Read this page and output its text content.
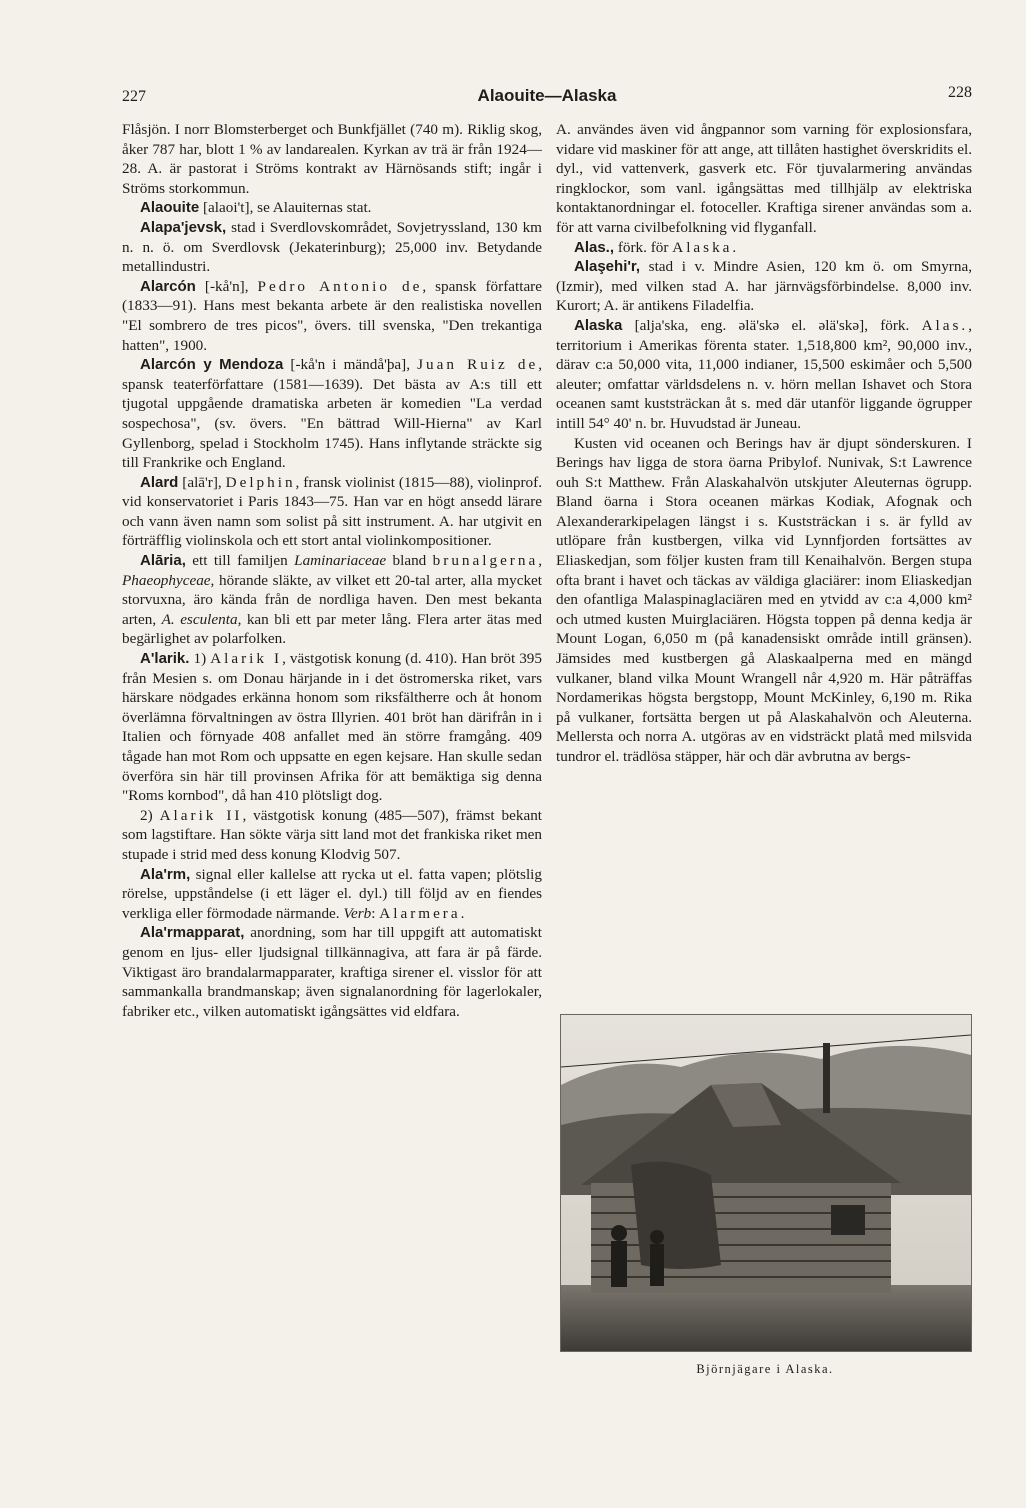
227	Alaouite—Alaska	228

Flåsjön. I norr Blomsterberget och Bunkfjället (740 m). Riklig skog, åker 787 har, blott 1 % av landarealen. Kyrkan av trä är från 1924—28. A. är pastorat i Ströms kontrakt av Härnösands stift; ingår i Ströms storkommun.

Alaouite [alaoi't], se Alauiternas stat.

Alapa'jevsk, stad i Sverdlovskområdet, Sovjetryssland, 130 km n. n. ö. om Sverdlovsk (Jekaterinburg); 25,000 inv. Betydande metallindustri.

Alarcón [-kå'n], Pedro Antonio de, spansk författare (1833—91). Hans mest bekanta arbete är den realistiska novellen "El sombrero de tres picos", övers. till svenska, "Den trekantiga hatten", 1900.

Alarcón y Mendoza [-kå'n i mändå'þa], Juan Ruiz de, spansk teaterförfattare (1581—1639). Det bästa av A:s till ett tjugotal uppgående dramatiska arbeten är komedien "La verdad sospechosa", (sv. övers. "En bättrad Will-Hierna" av Karl Gyllenborg, spelad i Stockholm 1745). Hans inflytande sträckte sig till Frankrike och England.

Alard [alā'r], Delphin, fransk violinist (1815—88), violinprof. vid konservatoriet i Paris 1843—75. Han var en högt ansedd lärare och vann även namn som solist på sitt instrument. A. har utgivit en förträfflig violinskola och ett stort antal violinkompositioner.

Alāria, ett till familjen Laminariaceae bland brunalgerna, Phaeophyceae, hörande släkte, av vilket ett 20-tal arter, alla mycket storvuxna, äro kända från de nordliga haven. Den mest bekanta arten, A. esculenta, kan bli ett par meter lång. Flera arter ätas med begärlighet av polarfolken.

A'larik. 1) Alarik I, västgotisk konung (d. 410). Han bröt 395 från Mesien s. om Donau härjande in i det östromerska riket, vars härskare nödgades erkänna honom som riksfältherre och åt honom överlämna förvaltningen av östra Illyrien. 401 bröt han därifrån in i Italien och förnyade 408 anfallet med än större framgång. 409 tågade han mot Rom och uppsatte en egen kejsare. Han skulle sedan överföra sin här till provinsen Afrika för att bemäktiga sig denna "Roms kornbod", då han 410 plötsligt dog.

2) Alarik II, västgotisk konung (485—507), främst bekant som lagstiftare. Han sökte värja sitt land mot det frankiska riket men stupade i strid med dess konung Klodvig 507.

Ala'rm, signal eller kallelse att rycka ut el. fatta vapen; plötslig rörelse, uppståndelse (i ett läger el. dyl.) till följd av en fiendes verkliga eller förmodade närmande. Verb: Alarmera.

Ala'rmapparat, anordning, som har till uppgift att automatiskt genom en ljus- eller ljudsignal tillkännagiva, att fara är på färde. Viktigast äro brandalarmapparater, kraftiga sirener el. visslor för att sammankalla brandmanskap; även signalanordning för lagerlokaler, fabriker etc., vilken automatiskt igångsättes vid eldfara.

A. användes även vid ångpannor som varning för explosionsfara, vidare vid maskiner för att ange, att tillåten hastighet överskridits el. dyl., vid vattenverk, gasverk etc. För tjuvalarmering användas ringklockor, som vanl. igångsättas med tillhjälp av elektriska kontaktanordningar el. fotoceller. Kraftiga sirener användas som a. för att varna civilbefolkning vid flyganfall.

Alas., förk. för Alaska.

Alaşehi'r, stad i v. Mindre Asien, 120 km ö. om Smyrna, (Izmir), med vilken stad A. har järnvägsförbindelse. 8,000 inv. Kurort; A. är antikens Filadelfia.

Alaska [alja'ska, eng. əlä'skə el. əlä'skə], förk. Alas., territorium i Amerikas förenta stater. 1,518,800 km², 90,000 inv., därav c:a 50,000 vita, 11,000 indianer, 15,500 eskimåer och 5,500 aleuter; omfattar världsdelens n. v. hörn mellan Ishavet och Stora oceanen samt kuststräckan åt s. med där utanför liggande ögrupper intill 54° 40' n. br. Huvudstad är Juneau.

Kusten vid oceanen och Berings hav är djupt sönderskuren. I Berings hav ligga de stora öarna Pribylof. Nunivak, S:t Lawrence ouh S:t Matthew. Från Alaskahalvön utskjuter Aleuternas ögrupp. Bland öarna i Stora oceanen märkas Kodiak, Afognak och Alexanderarkipelagen längst i s. Kuststräckan i s. är fylld av utlöpare från kustbergen, vilka vid Lynnfjorden fortsättes av Eliaskedjan, som följer kusten fram till Kenaihalvön. Bergen stupa ofta brant i havet och täckas av väldiga glaciärer: inom Eliaskedjan den ofantliga Malaspinaglaciären med en ytvidd av c:a 4,000 km² och utmed kusten Muirglaciären. Högsta toppen på denna kedja är Mount Logan, 6,050 m (på kanadensiskt område intill gränsen). Jämsides med kustbergen gå Alaskaalperna med en mängd vulkaner, bland vilka Mount Wrangell når 4,920 m. Här påträffas Nordamerikas högsta bergstopp, Mount McKinley, 6,190 m. Rika på vulkaner, fortsätta bergen ut på Alaskahalvön och Aleuterna. Mellersta och norra A. utgöras av en vidsträckt platå med milsvida tundror el. trädlösa stäpper, här och där avbrutna av bergs-

Björnjägare i Alaska.
